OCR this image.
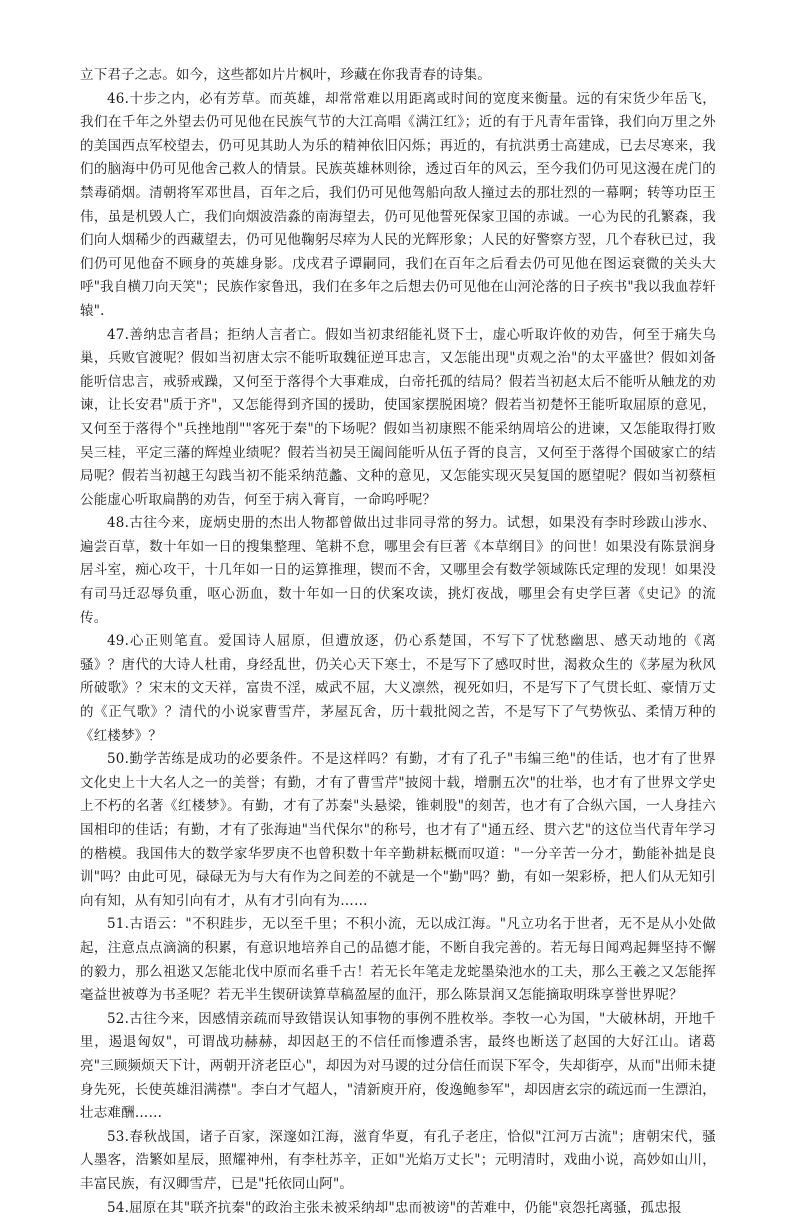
立下君子之志。如今，这些都如片片枫叶，珍藏在你我青春的诗集。

46.十步之内，必有芳草。而英雄，却常常难以用距离或时间的宽度来衡量。远的有宋货少年岳飞，我们在千年之外望去仍可见他在民族气节的大江高唱《满江红》；近的有于凡青年雷锋，我们向万里之外的美国西点军校望去，仍可见其助人为乐的精神依旧闪烁；再近的，有抗洪勇士高建成，已去尽寒来，我们的脑海中仍可见他舍己救人的情景。民族英雄林则徐，透过百年的风云，至今我们仍可见这漫在虎门的禁毒硝烟。清朝将军邓世昌，百年之后，我们仍可见他驾船向敌人撞过去的那壮烈的一幕啊；转等功臣王伟，虽是机毁人亡，我们向烟波浩淼的南海望去，仍可见他誓死保家卫国的赤诚。一心为民的孔繁森，我们向人烟稀少的西藏望去，仍可见他鞠躬尽瘁为人民的光辉形象；人民的好警察方翌，几个春秋已过，我们仍可见他奋不顾身的英雄身影。戊戌君子谭嗣同，我们在百年之后看去仍可见他在图运衰微的关头大呼"我自横刀向天笑"；民族作家鲁迅，我们在多年之后想去仍可见他在山河沦落的日子疾书"我以我血荐轩辕".

47.善纳忠言者昌；拒纳人言者亡。假如当初隶绍能礼贤下士，虚心听取许攸的劝告，何至于痛失乌巢，兵败官渡呢？假如当初唐太宗不能听取魏征逆耳忠言，又怎能出现"贞观之治"的太平盛世？假如刘备能听信忠言，戒骄戒躁，又何至于落得个大事难成，白帝托孤的结局？假若当初赵太后不能听从触龙的劝谏，让长安君"质于齐"，又怎能得到齐国的援助，使国家摆脱困境？假若当初楚怀王能听取屈原的意见，又何至于落得个"兵挫地削""客死于秦"的下场呢？假如当初康熙不能采纳周培公的进谏，又怎能取得打败吴三桂，平定三藩的辉煌业绩呢？假若当初吴王阖闾能听从伍子胥的良言，又何至于落得个国破家亡的结局呢？假若当初越王勾践当初不能采纳范蠡、文种的意见，又怎能实现灭吴复国的愿望呢？假如当初蔡桓公能虚心听取扁鹊的劝告，何至于病入膏肓，一命呜呼呢？

48.古往今来，庞炳史册的杰出人物都曾做出过非同寻常的努力。试想，如果没有李时珍跋山涉水、遍尝百草，数十年如一日的搜集整理、笔耕不怠，哪里会有巨著《本草纲目》的问世！如果没有陈景润身居斗室，痴心攻干，十几年如一日的运算推理，锲而不舍，又哪里会有数学领域陈氏定理的发现！如果没有司马迁忍辱负重，呕心沥血，数十年如一日的伏案攻读，挑灯夜战，哪里会有史学巨著《史记》的流传。

49.心正则笔直。爱国诗人屈原，但遭放逐，仍心系楚国，不写下了忧愁幽思、感天动地的《离骚》？唐代的大诗人杜甫，身经乱世，仍关心天下寒士，不是写下了感叹时世，渴救众生的《茅屋为秋风所破歌》？宋末的文天祥，富贵不淫，威武不屈，大义凛然，视死如归，不是写下了气贯长虹、豪情万丈的《正气歌》？清代的小说家曹雪芹，茅屋瓦舍，历十载批阅之苦，不是写下了气势恢弘、柔情万种的《红楼梦》？

50.勤学苦练是成功的必要条件。不是这样吗？有勤，才有了孔子"韦编三绝"的佳话，也才有了世界文化史上十大名人之一的美誉；有勤，才有了曹雪芹"披阅十载，增删五次"的壮举，也才有了世界文学史上不朽的名著《红楼梦》。有勤，才有了苏秦"头悬梁，锥刺股"的刻苦，也才有了合纵六国，一人身挂六国相印的佳话；有勤，才有了张海迪"当代保尔"的称号，也才有了"通五经、贯六艺"的这位当代青年学习的楷模。我国伟大的数学家华罗庚不也曾积数十年辛勤耕耘概而叹道："一分辛苦一分才，勤能补拙是良训"吗？由此可见，碌碌无为与大有作为之间差的不就是一个"勤"吗？勤，有如一架彩桥，把人们从无知引向有知，从有知引向有才，从有才引向有为……

51.古语云："不积跬步，无以至千里；不积小流，无以成江海。"凡立功名于世者，无不是从小处做起，注意点点滴滴的积累，有意识地培养自己的品德才能，不断自我完善的。若无每日闻鸡起舞坚持不懈的毅力，那么祖逖又怎能北伐中原而名垂千古！若无长年笔走龙蛇墨染池水的工夫，那么王羲之又怎能挥毫益世被尊为书圣呢？若无半生锲研读算草稿盈屋的血汗，那么陈景润又怎能摘取明珠享誉世界呢？

52.古往今来，因感情亲疏而导致错误认知事物的事例不胜枚举。李牧一心为国，"大破林胡，开地千里，遏退匈奴"，可谓战功赫赫，却因赵王的不信任而惨遭杀害，最终也断送了赵国的大好江山。诸葛亮"三顾频烦天下计，两朝开济老臣心"，却因为对马谡的过分信任而误下军令，失却街亭，从而"出师未捷身先死，长使英雄泪满襟"。李白才气超人，"清新庾开府，俊逸鲍参军"，却因唐玄宗的疏远而一生漂泊，壮志难酬……

53.春秋战国，诸子百家，深邃如江海，滋育华夏，有孔子老庄，恰似"江河万古流"；唐朝宋代，骚人墨客，浩繁如星辰，照耀神州，有李杜苏辛，正如"光焰万丈长"；元明清时，戏曲小说，高妙如山川，丰富民族，有汉卿雪芹，已是"托依同山阿"。

54.屈原在其"联齐抗秦"的政治主张未被采纳却"忠而被谤"的苦难中，仍能"哀怨托离骚，孤忠报
